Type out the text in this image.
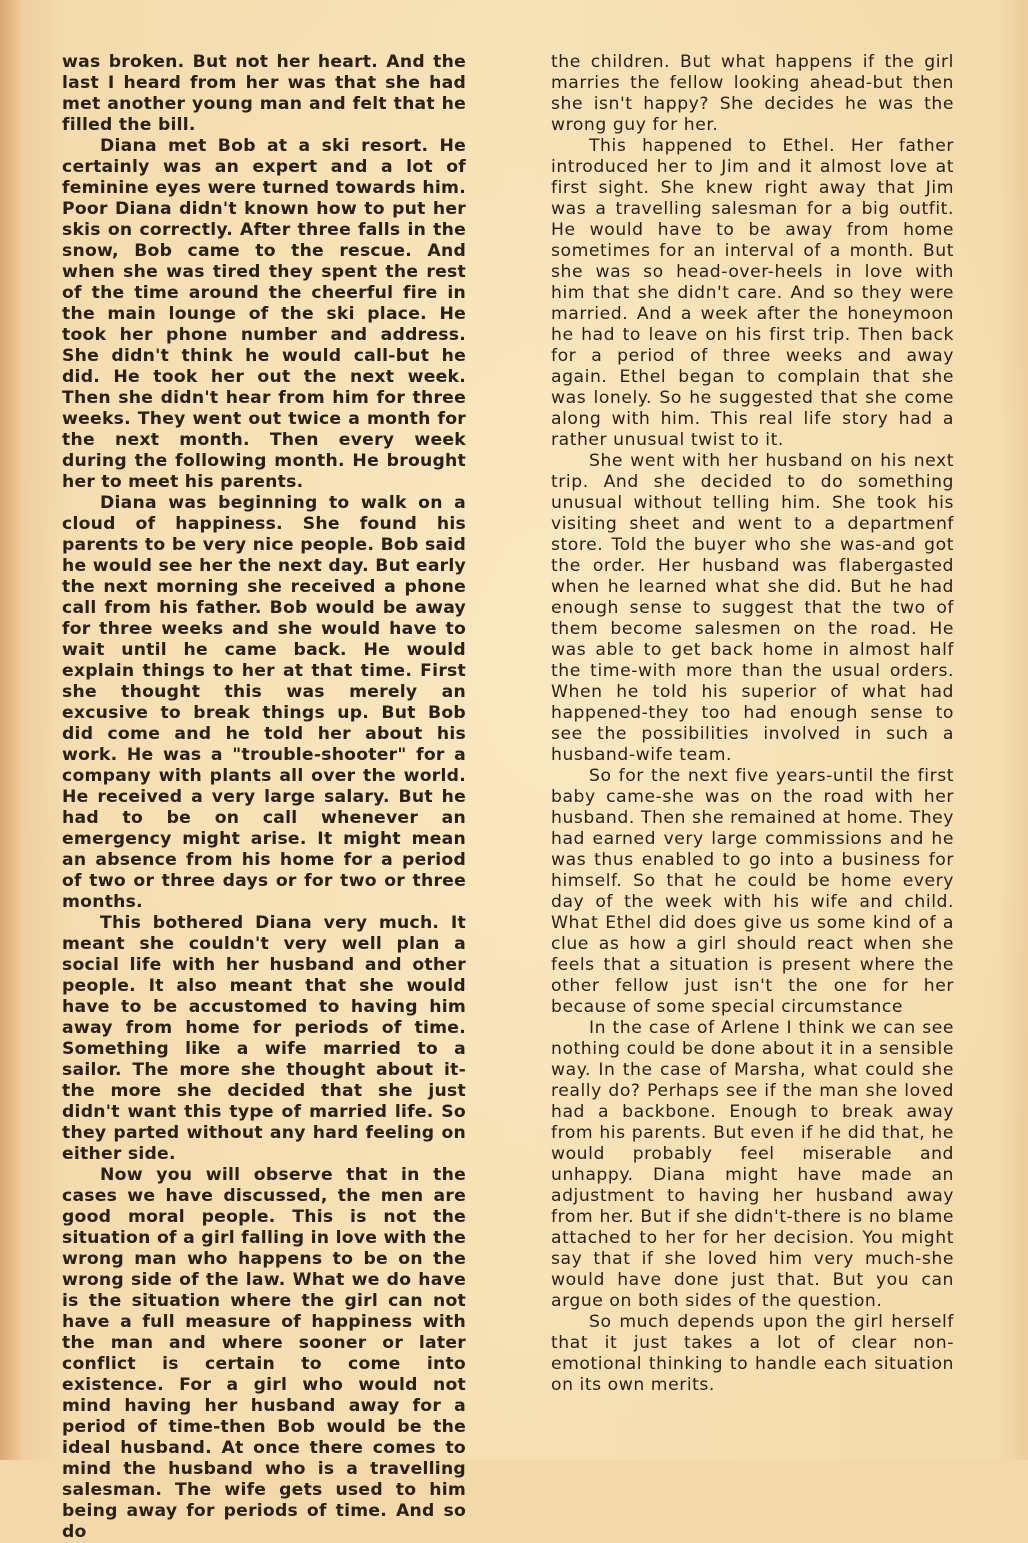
was broken. But not her heart. And the last I heard from her was that she had met another young man and felt that he filled the bill.

Diana met Bob at a ski resort. He certainly was an expert and a lot of feminine eyes were turned towards him. Poor Diana didn't known how to put her skis on correctly. After three falls in the snow, Bob came to the rescue. And when she was tired they spent the rest of the time around the cheerful fire in the main lounge of the ski place. He took her phone number and address. She didn't think he would call-but he did. He took her out the next week. Then she didn't hear from him for three weeks. They went out twice a month for the next month. Then every week during the following month. He brought her to meet his parents.

Diana was beginning to walk on a cloud of happiness. She found his parents to be very nice people. Bob said he would see her the next day. But early the next morning she received a phone call from his father. Bob would be away for three weeks and she would have to wait until he came back. He would explain things to her at that time. First she thought this was merely an excusive to break things up. But Bob did come and he told her about his work. He was a "trouble-shooter" for a company with plants all over the world. He received a very large salary. But he had to be on call whenever an emergency might arise. It might mean an absence from his home for a period of two or three days or for two or three months.

This bothered Diana very much. It meant she couldn't very well plan a social life with her husband and other people. It also meant that she would have to be accustomed to having him away from home for periods of time. Something like a wife married to a sailor. The more she thought about it-the more she decided that she just didn't want this type of married life. So they parted without any hard feeling on either side.

Now you will observe that in the cases we have discussed, the men are good moral people. This is not the situation of a girl falling in love with the wrong man who happens to be on the wrong side of the law. What we do have is the situation where the girl can not have a full measure of happiness with the man and where sooner or later conflict is certain to come into existence. For a girl who would not mind having her husband away for a period of time-then Bob would be the ideal husband. At once there comes to mind the husband who is a travelling salesman. The wife gets used to him being away for periods of time. And so do

the children. But what happens if the girl marries the fellow looking ahead-but then she isn't happy? She decides he was the wrong guy for her.

This happened to Ethel. Her father introduced her to Jim and it almost love at first sight. She knew right away that Jim was a travelling salesman for a big outfit. He would have to be away from home sometimes for an interval of a month. But she was so head-over-heels in love with him that she didn't care. And so they were married. And a week after the honeymoon he had to leave on his first trip. Then back for a period of three weeks and away again. Ethel began to complain that she was lonely. So he suggested that she come along with him. This real life story had a rather unusual twist to it.

She went with her husband on his next trip. And she decided to do something unusual without telling him. She took his visiting sheet and went to a departmenf store. Told the buyer who she was-and got the order. Her husband was flabergasted when he learned what she did. But he had enough sense to suggest that the two of them become salesmen on the road. He was able to get back home in almost half the time-with more than the usual orders. When he told his superior of what had happened-they too had enough sense to see the possibilities involved in such a husband-wife team.

So for the next five years-until the first baby came-she was on the road with her husband. Then she remained at home. They had earned very large commissions and he was thus enabled to go into a business for himself. So that he could be home every day of the week with his wife and child. What Ethel did does give us some kind of a clue as how a girl should react when she feels that a situation is present where the other fellow just isn't the one for her because of some special circumstance

In the case of Arlene I think we can see nothing could be done about it in a sensible way. In the case of Marsha, what could she really do? Perhaps see if the man she loved had a backbone. Enough to break away from his parents. But even if he did that, he would probably feel miserable and unhappy. Diana might have made an adjustment to having her husband away from her. But if she didn't-there is no blame attached to her for her decision. You might say that if she loved him very much-she would have done just that. But you can argue on both sides of the question.

So much depends upon the girl herself that it just takes a lot of clear non-emotional thinking to handle each situation on its own merits.
